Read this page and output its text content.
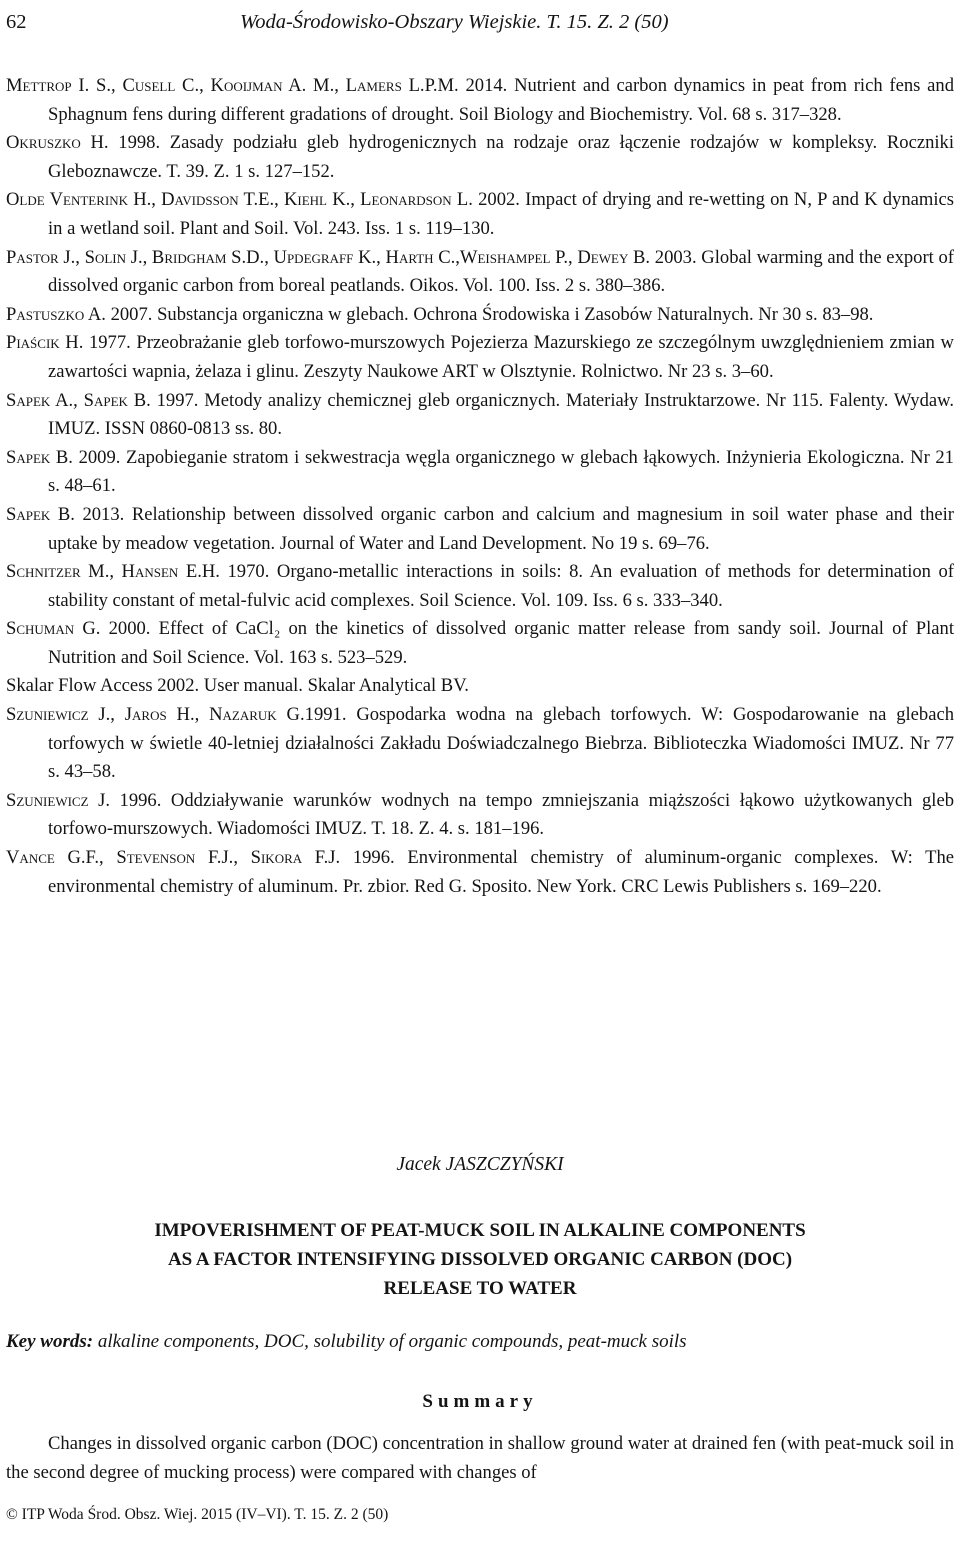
62	Woda-Środowisko-Obszary Wiejskie. T. 15. Z. 2 (50)

Mettrop I. S., Cusell C., Kooijman A. M., Lamers L.P.M. 2014. Nutrient and carbon dynamics in peat from rich fens and Sphagnum fens during different gradations of drought. Soil Biology and Biochemistry. Vol. 68 s. 317–328.

Okruszko H. 1998. Zasady podziału gleb hydrogenicznych na rodzaje oraz łączenie rodzajów w kompleksy. Roczniki Gleboznawcze. T. 39. Z. 1 s. 127–152.

Olde Venterink H., Davidsson T.E., Kiehl K., Leonardson L. 2002. Impact of drying and re-wetting on N, P and K dynamics in a wetland soil. Plant and Soil. Vol. 243. Iss. 1 s. 119–130.

Pastor J., Solin J., Bridgham S.D., Updegraff K., Harth C.,Weishampel P., Dewey B. 2003. Global warming and the export of dissolved organic carbon from boreal peatlands. Oikos. Vol. 100. Iss. 2 s. 380–386.

Pastuszko A. 2007. Substancja organiczna w glebach. Ochrona Środowiska i Zasobów Naturalnych. Nr 30 s. 83–98.

Piaścik H. 1977. Przeobrażanie gleb torfowo-murszowych Pojezierza Mazurskiego ze szczególnym uwzględnieniem zmian w zawartości wapnia, żelaza i glinu. Zeszyty Naukowe ART w Olsztynie. Rolnictwo. Nr 23 s. 3–60.

Sapek A., Sapek B. 1997. Metody analizy chemicznej gleb organicznych. Materiały Instruktarzowe. Nr 115. Falenty. Wydaw. IMUZ. ISSN 0860-0813 ss. 80.

Sapek B. 2009. Zapobieganie stratom i sekwestracja węgla organicznego w glebach łąkowych. Inżynieria Ekologiczna. Nr 21 s. 48–61.

Sapek B. 2013. Relationship between dissolved organic carbon and calcium and magnesium in soil water phase and their uptake by meadow vegetation. Journal of Water and Land Development. No 19 s. 69–76.

Schnitzer M., Hansen E.H. 1970. Organo-metallic interactions in soils: 8. An evaluation of methods for determination of stability constant of metal-fulvic acid complexes. Soil Science. Vol. 109. Iss. 6 s. 333–340.

Schuman G. 2000. Effect of CaCl₂ on the kinetics of dissolved organic matter release from sandy soil. Journal of Plant Nutrition and Soil Science. Vol. 163 s. 523–529.

Skalar Flow Access 2002. User manual. Skalar Analytical BV.

Szuniewicz J., Jaros H., Nazaruk G.1991. Gospodarka wodna na glebach torfowych. W: Gospodarowanie na glebach torfowych w świetle 40-letniej działalności Zakładu Doświadczalnego Biebrza. Biblioteczka Wiadomości IMUZ. Nr 77 s. 43–58.

Szuniewicz J. 1996. Oddziaływanie warunków wodnych na tempo zmniejszania miąższości łąkowo użytkowanych gleb torfowo-murszowych. Wiadomości IMUZ. T. 18. Z. 4. s. 181–196.

Vance G.F., Stevenson F.J., Sikora F.J. 1996. Environmental chemistry of aluminum-organic complexes. W: The environmental chemistry of aluminum. Pr. zbior. Red G. Sposito. New York. CRC Lewis Publishers s. 169–220.

Jacek JASZCZYŃSKI
IMPOVERISHMENT OF PEAT-MUCK SOIL IN ALKALINE COMPONENTS
AS A FACTOR INTENSIFYING DISSOLVED ORGANIC CARBON (DOC)
RELEASE TO WATER
Key words: alkaline components, DOC, solubility of organic compounds, peat-muck soils
Summary

Changes in dissolved organic carbon (DOC) concentration in shallow ground water at drained fen (with peat-muck soil in the second degree of mucking process) were compared with changes of

© ITP Woda Środ. Obsz. Wiej. 2015 (IV–VI). T. 15. Z. 2 (50)
